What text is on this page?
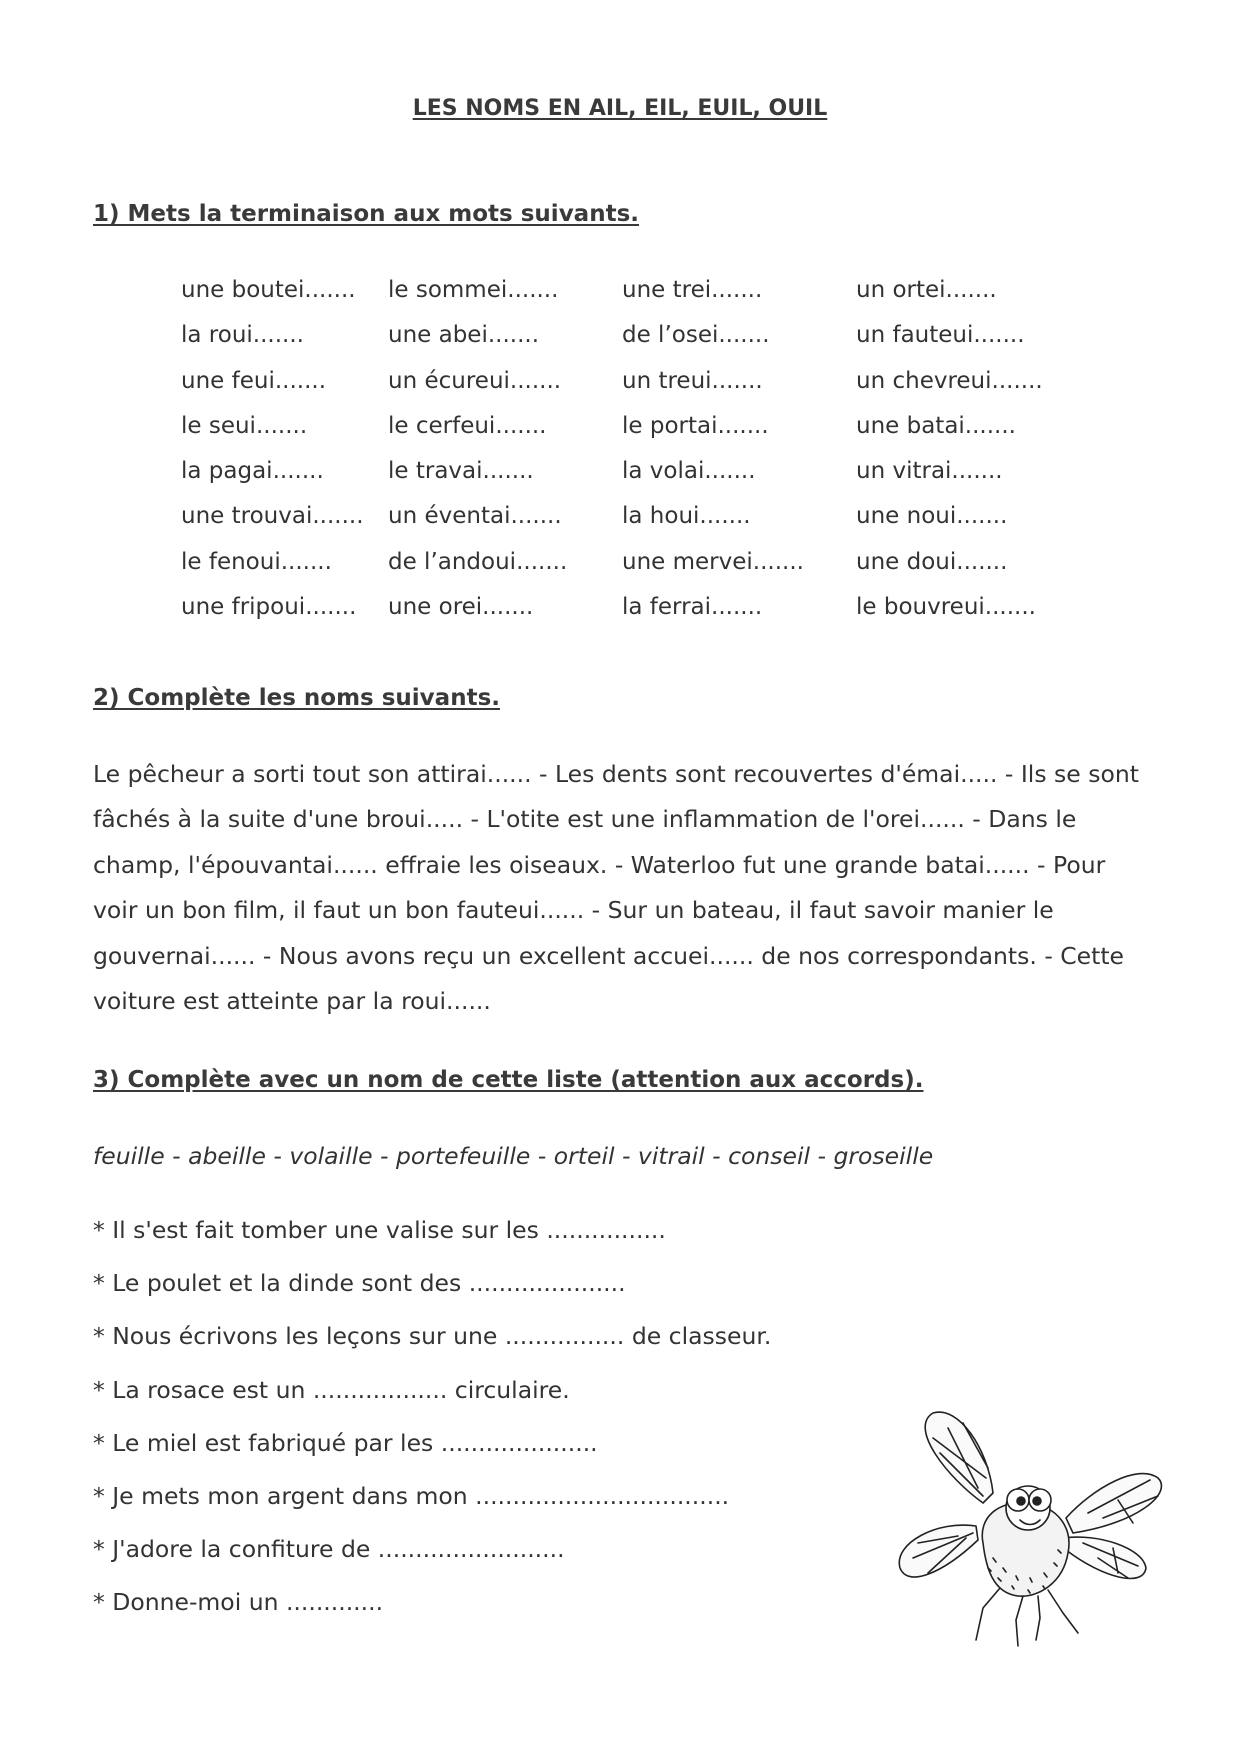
LES NOMS EN AIL, EIL, EUIL, OUIL
1) Mets la terminaison aux mots suivants.
une boutei....... le sommei.......	une trei.......	un ortei.......
la roui.......	une abei.......	de l’osei.......	un fauteui.......
une feui.......	un écureui.......	un treui.......	un chevreui.......
le seui.......	le cerfeui.......	le portai.......	une batai.......
la pagai.......	le travai.......	la volai.......	un vitrai.......
une trouvai....... un éventai.......	la houi.......	une noui.......
le fenoui....... de l’andoui....... une mervei....... une doui.......
une fripoui....... une orei.......	la ferrai.......	le bouvreui.......
2) Complète les noms suivants.
Le pêcheur a sorti tout son attirai...... - Les dents sont recouvertes d'émai..... - Ils se sont fâchés à la suite d'une broui..... - L'otite est une inflammation de l'orei...... - Dans le champ, l'épouvantai...... effraie les oiseaux. - Waterloo fut une grande batai...... - Pour voir un bon film, il faut un bon fauteui...... - Sur un bateau, il faut savoir manier le gouvernai...... - Nous avons reçu un excellent accuei...... de nos correspondants. - Cette voiture est atteinte par la roui......
3) Complète avec un nom de cette liste (attention aux accords).
feuille - abeille - volaille - portefeuille - orteil - vitrail - conseil - groseille
* Il s'est fait tomber une valise sur les ................
* Le poulet et la dinde sont des .....................
* Nous écrivons les leçons sur une ................ de classeur.
* La rosace est un .................. circulaire.
* Le miel est fabriqué par les .....................
* Je mets mon argent dans mon ..................................
* J'adore la confiture de .........................
* Donne-moi un .............
